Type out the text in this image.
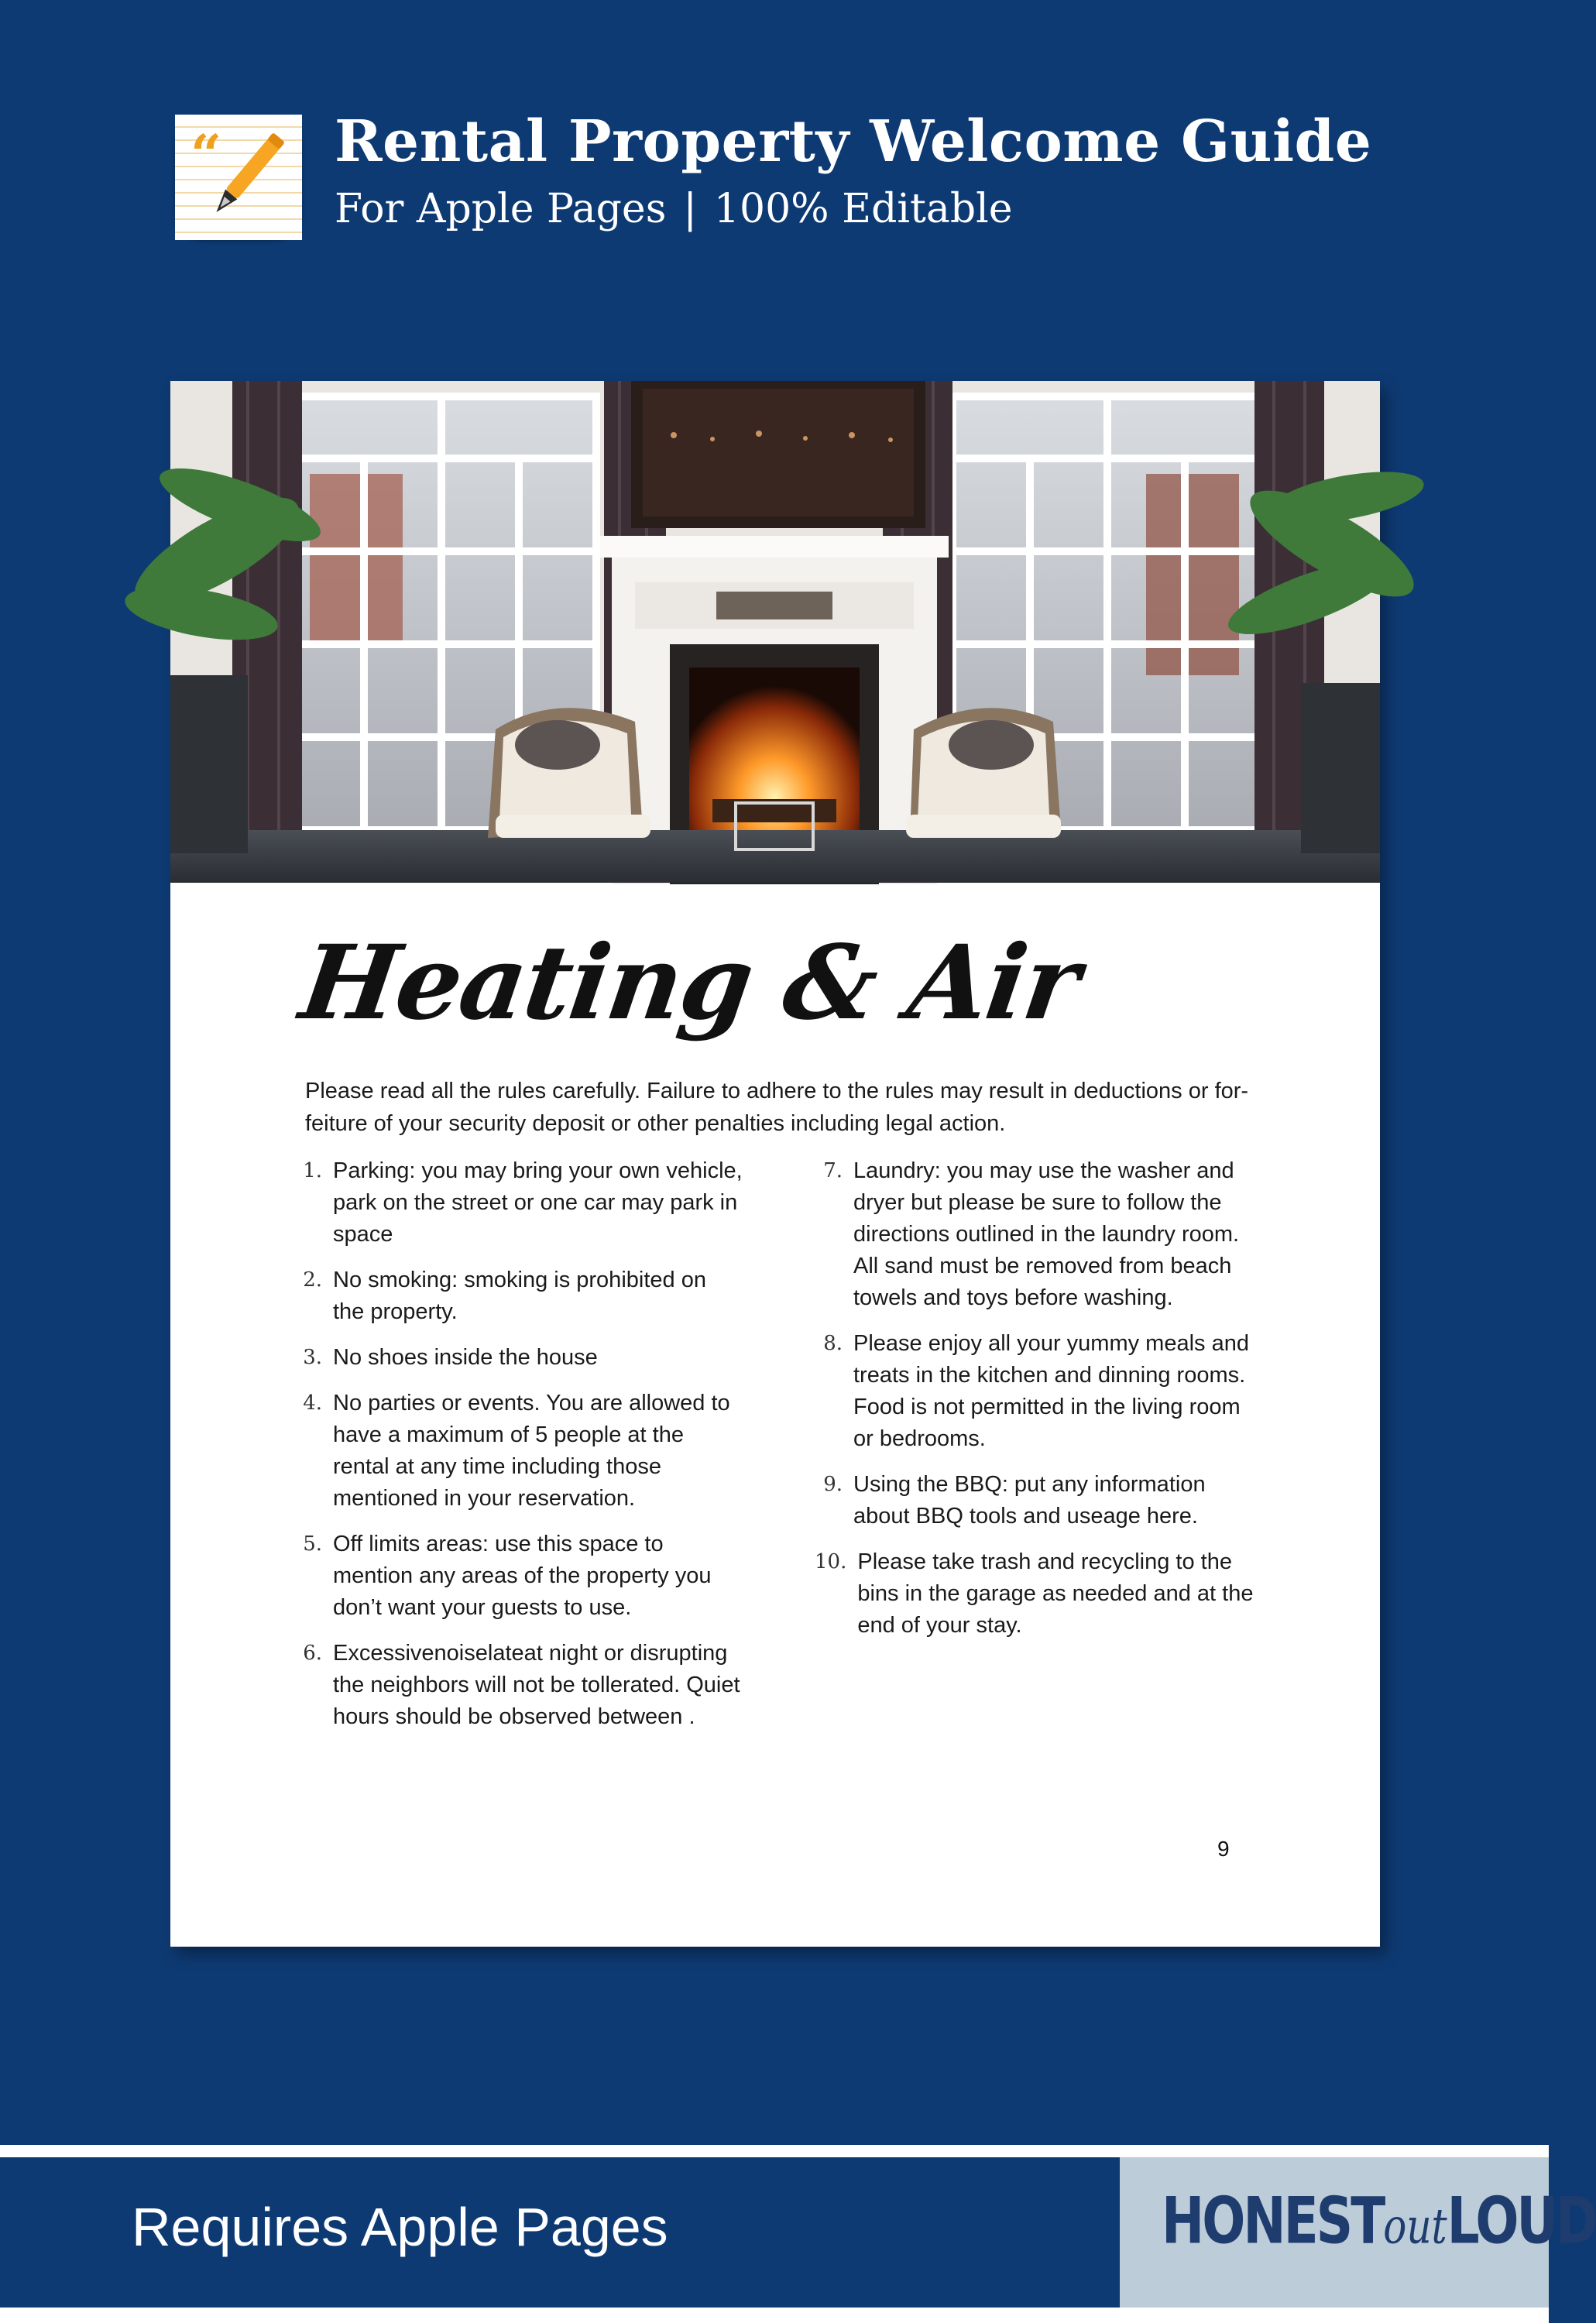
“ Rental Property Welcome Guide
For Apple Pages | 100% Editable
Heating & Air
Please read all the rules carefully. Failure to adhere to the rules may result in deductions or for- feiture of your security deposit or other penalties including legal action.
1. Parking: you may bring your own vehicle, park on the street or one car may park in space
2. No smoking: smoking is prohibited on the property.
3. No shoes inside the house
4. No parties or events. You are allowed to have a maximum of 5 people at the rental at any time including those mentioned in your reservation.
5. Off limits areas: use this space to mention any areas of the property you don’t want your guests to use.
6. Excessivenoiselateat night or disrupting the neighbors will not be tollerated. Quiet hours should be observed between .
7. Laundry: you may use the washer and dryer but please be sure to follow the directions outlined in the laundry room. All sand must be removed from beach towels and toys before washing.
8. Please enjoy all your yummy meals and treats in the kitchen and dinning rooms. Food is not permitted in the living room or bedrooms.
9. Using the BBQ: put any information about BBQ tools and useage here.
10. Please take trash and recycling to the bins in the garage as needed and at the end of your stay.
9
Requires Apple Pages	HONESToutLOUD
